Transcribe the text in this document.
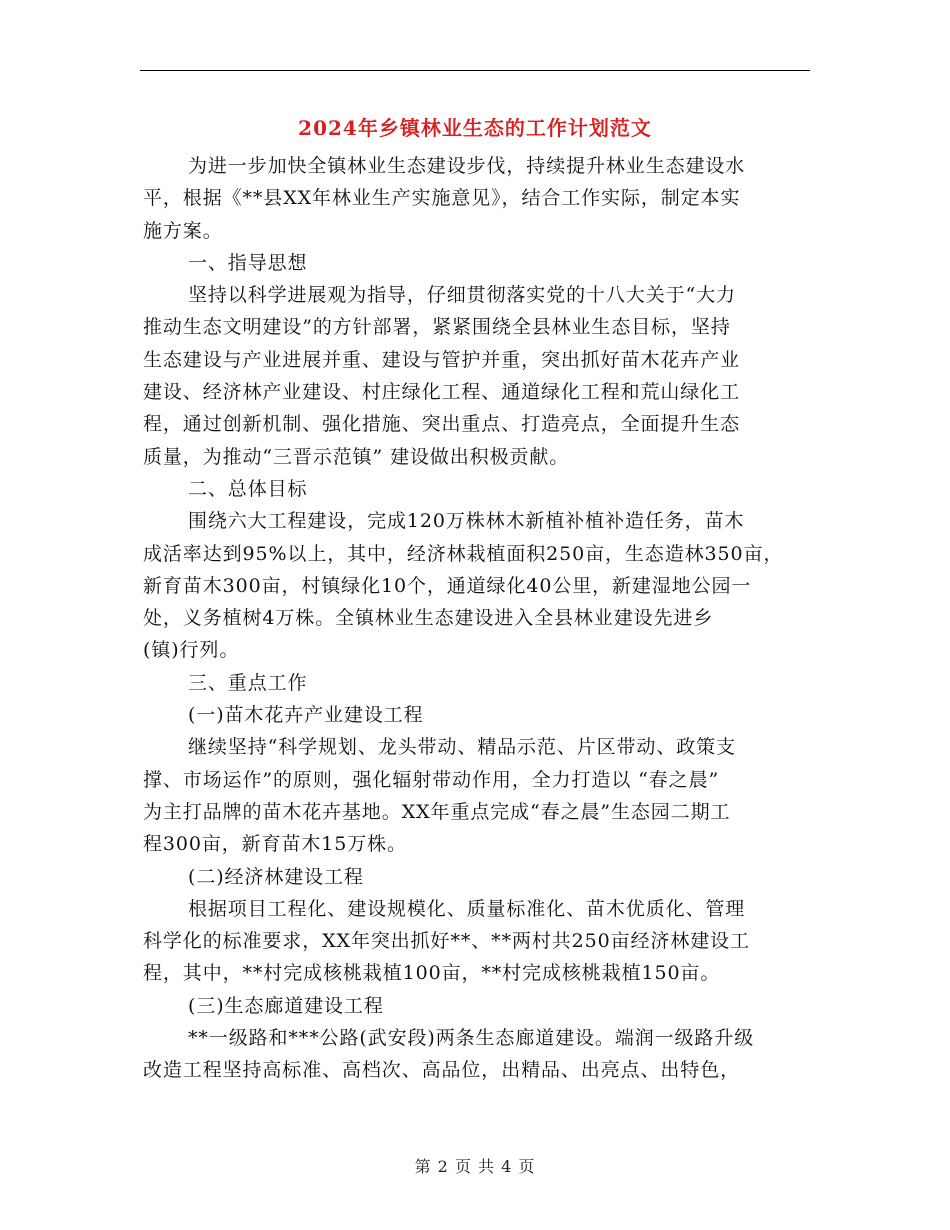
2024年乡镇林业生态的工作计划范文
为进一步加快全镇林业生态建设步伐，持续提升林业生态建设水
平，根据《**县XX年林业生产实施意见》，结合工作实际，制定本实
施方案。
一、指导思想
坚持以科学进展观为指导，仔细贯彻落实党的十八大关于“大力
推动生态文明建设”的方针部署，紧紧围绕全县林业生态目标，坚持
生态建设与产业进展并重、建设与管护并重，突出抓好苗木花卉产业
建设、经济林产业建设、村庄绿化工程、通道绿化工程和荒山绿化工
程，通过创新机制、强化措施、突出重点、打造亮点，全面提升生态
质量，为推动“三晋示范镇” 建设做出积极贡献。
二、总体目标
围绕六大工程建设，完成120万株林木新植补植补造任务，苗木
成活率达到95%以上，其中，经济林栽植面积250亩，生态造林350亩，
新育苗木300亩，村镇绿化10个，通道绿化40公里，新建湿地公园一
处，义务植树4万株。全镇林业生态建设进入全县林业建设先进乡
(镇)行列。
三、重点工作
(一)苗木花卉产业建设工程
继续坚持“科学规划、龙头带动、精品示范、片区带动、政策支
撑、市场运作”的原则，强化辐射带动作用，全力打造以 “春之晨”
为主打品牌的苗木花卉基地。XX年重点完成“春之晨”生态园二期工
程300亩，新育苗木15万株。
(二)经济林建设工程
根据项目工程化、建设规模化、质量标准化、苗木优质化、管理
科学化的标准要求，XX年突出抓好**、**两村共250亩经济林建设工
程，其中，**村完成核桃栽植100亩，**村完成核桃栽植150亩。
(三)生态廊道建设工程
**一级路和***公路(武安段)两条生态廊道建设。端润一级路升级
改造工程坚持高标准、高档次、高品位，出精品、出亮点、出特色，
第 2 页 共 4 页
